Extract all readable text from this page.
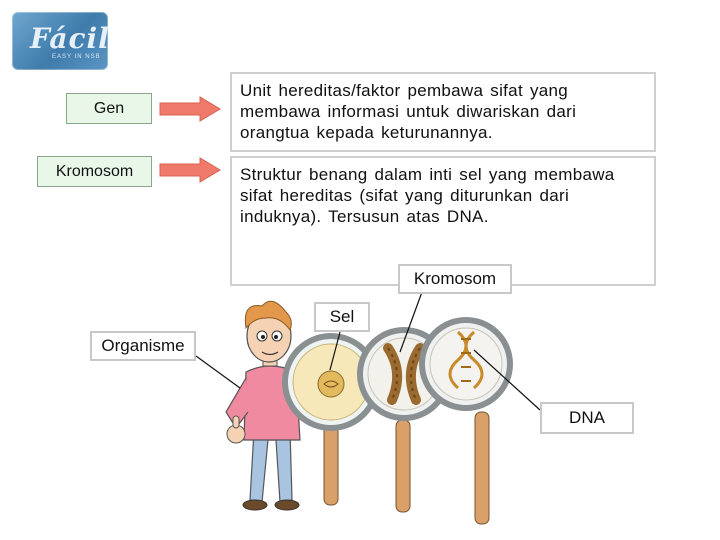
Fácil
EASY IN NSB
Gen
Kromosom
Unit hereditas/faktor pembawa sifat yang membawa informasi untuk diwariskan dari orangtua kepada keturunannya.
Struktur benang dalam inti sel yang membawa sifat hereditas (sifat yang diturunkan dari induknya). Tersusun atas DNA.
Kromosom
Sel
Organisme
DNA
